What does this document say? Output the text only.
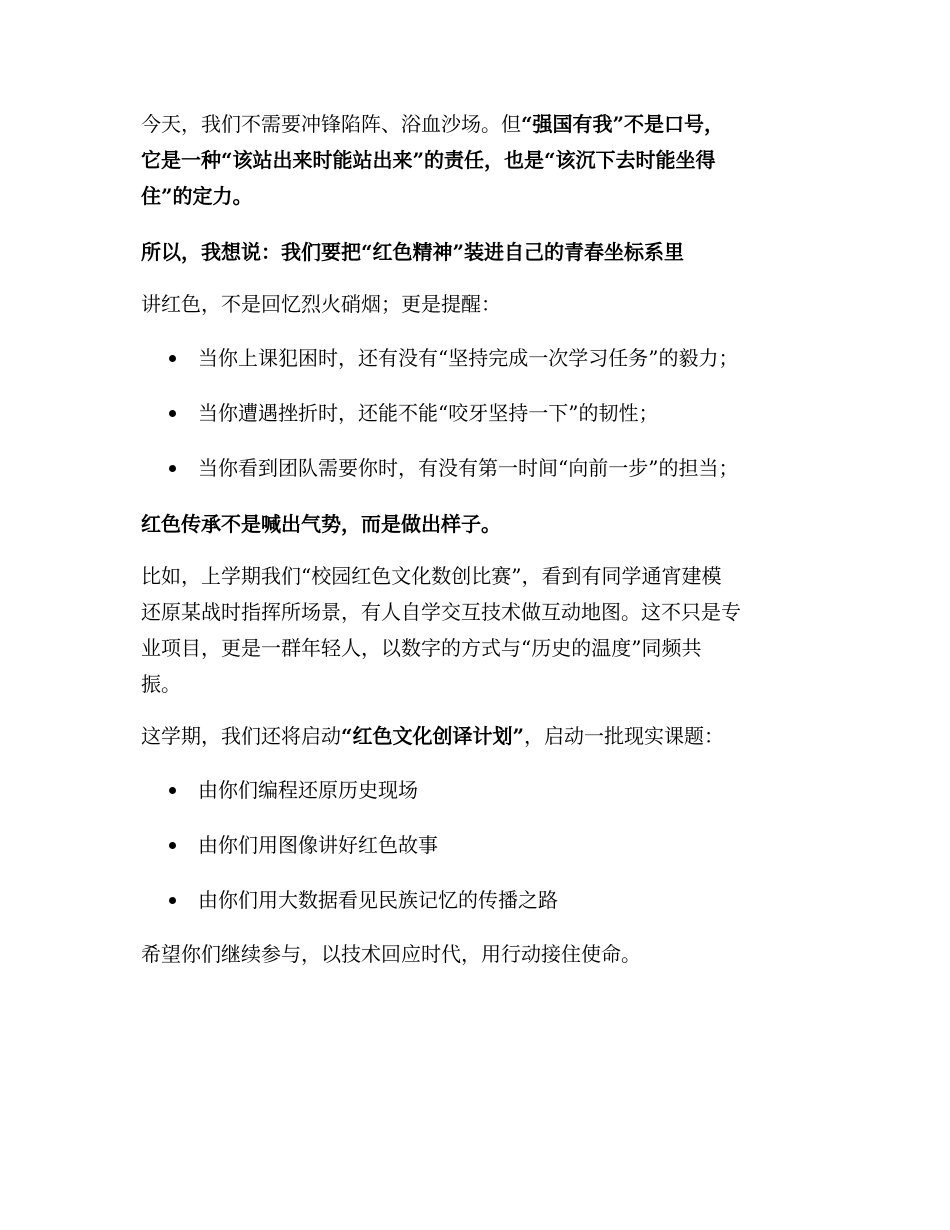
今天，我们不需要冲锋陷阵、浴血沙场。但“强国有我”不是口号，
它是一种“该站出来时能站出来”的责任，也是“该沉下去时能坐得
住”的定力。
所以，我想说：我们要把“红色精神”装进自己的青春坐标系里
讲红色，不是回忆烈火硝烟；更是提醒：
当你上课犯困时，还有没有“坚持完成一次学习任务”的毅力；
当你遭遇挫折时，还能不能“咬牙坚持一下”的韧性；
当你看到团队需要你时，有没有第一时间“向前一步”的担当；
红色传承不是喊出气势，而是做出样子。
比如，上学期我们“校园红色文化数创比赛”，看到有同学通宵建模
还原某战时指挥所场景，有人自学交互技术做互动地图。这不只是专
业项目，更是一群年轻人，以数字的方式与“历史的温度”同频共
振。
这学期，我们还将启动“红色文化创译计划”，启动一批现实课题：
由你们编程还原历史现场
由你们用图像讲好红色故事
由你们用大数据看见民族记忆的传播之路
希望你们继续参与，以技术回应时代，用行动接住使命。
